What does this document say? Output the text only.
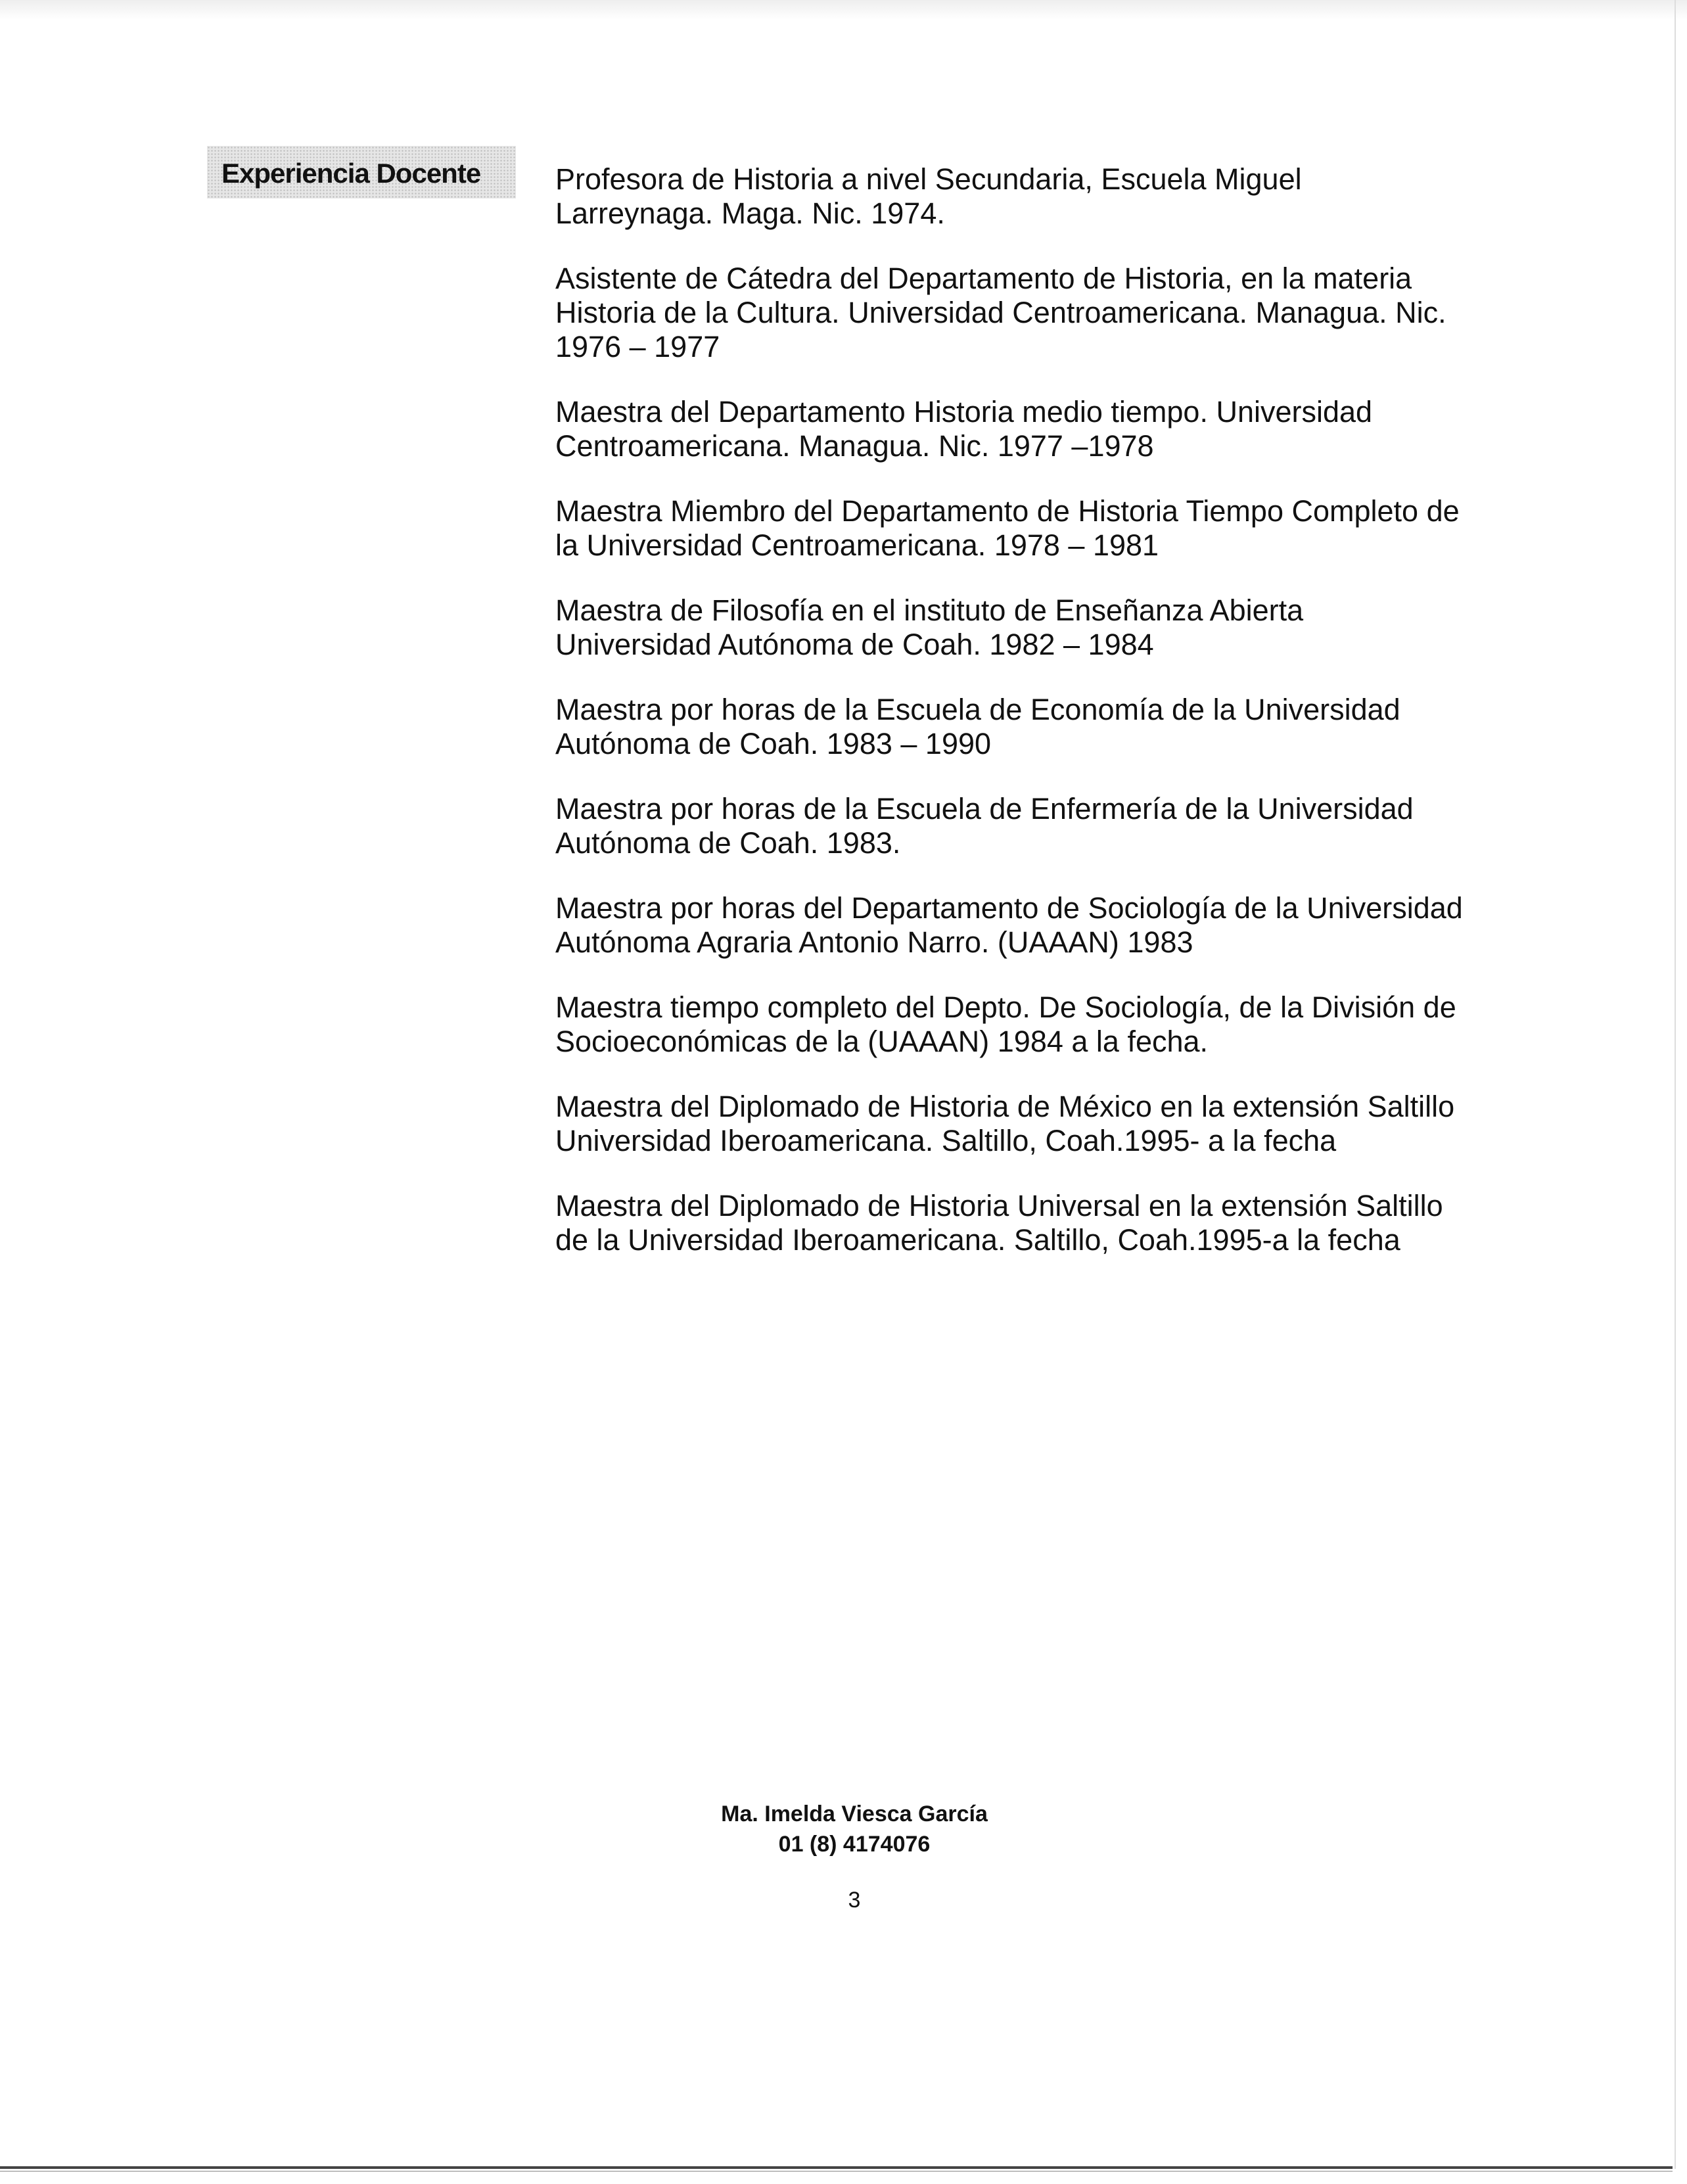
Experiencia Docente	Profesora de Historia a nivel Secundaria, Escuela Miguel
Larreynaga. Maga. Nic. 1974.

Asistente de Cátedra del Departamento de Historia, en la materia
Historia de la Cultura. Universidad Centroamericana. Managua. Nic.
1976 – 1977

Maestra del Departamento Historia medio tiempo. Universidad
Centroamericana. Managua. Nic. 1977 –1978

Maestra Miembro del Departamento de Historia Tiempo Completo de
la Universidad Centroamericana. 1978 – 1981

Maestra de Filosofía en el instituto de Enseñanza Abierta
Universidad Autónoma de Coah. 1982 – 1984

Maestra por horas de la Escuela de Economía de la Universidad
Autónoma de Coah. 1983 – 1990

Maestra por horas de la Escuela de Enfermería de la Universidad
Autónoma de Coah. 1983.

Maestra por horas del Departamento de Sociología de la Universidad
Autónoma Agraria Antonio Narro. (UAAAN) 1983

Maestra tiempo completo del Depto. De Sociología, de la División de
Socioeconómicas de la (UAAAN) 1984 a la fecha.

Maestra del Diplomado de Historia de México en la extensión Saltillo
Universidad Iberoamericana. Saltillo, Coah.1995- a la fecha

Maestra del Diplomado de Historia Universal en la extensión Saltillo
de la Universidad Iberoamericana. Saltillo, Coah.1995-a la fecha

Ma. Imelda Viesca García
01 (8) 4174076
3
